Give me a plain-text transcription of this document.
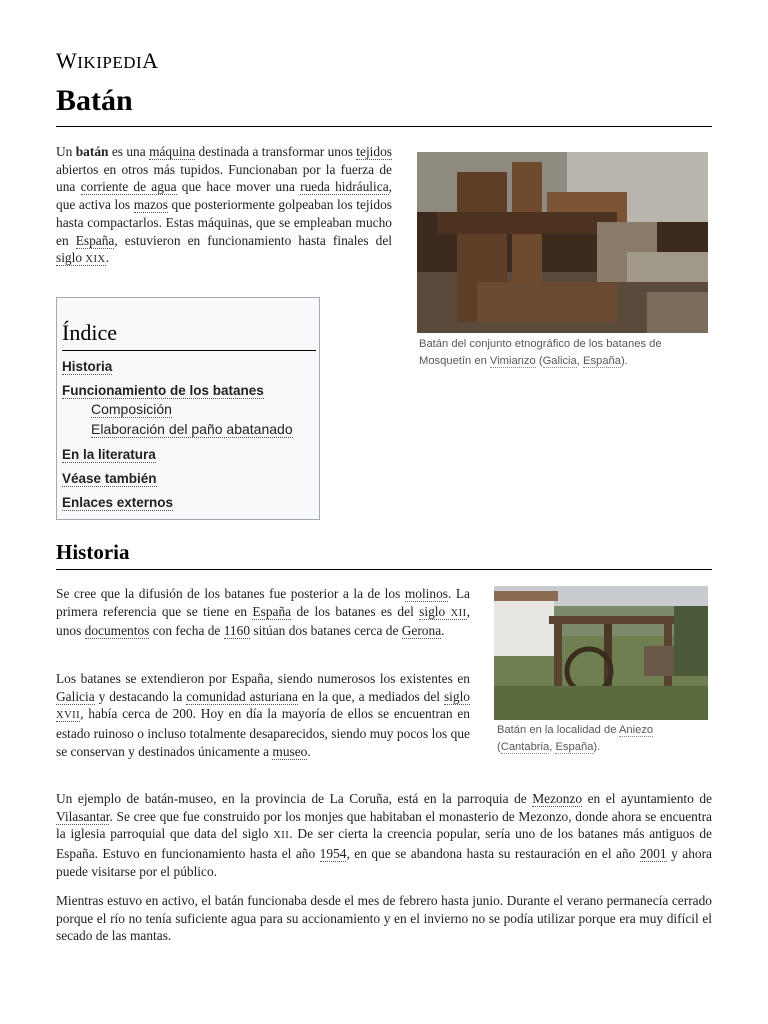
WIKIPEDIA
Batán

Un batán es una máquina destinada a transformar unos tejidos abiertos en otros más tupidos. Funcionaban por la fuerza de una corriente de agua que hace mover una rueda hidráulica, que activa los mazos que posteriormente golpeaban los tejidos hasta compactarlos. Estas máquinas, que se empleaban mucho en España, estuvieron en funcionamiento hasta finales del siglo XIX.

Batán del conjunto etnográfico de los batanes de Mosquetín en Vimianzo (Galicia, España).
Índice
Historia
Funcionamiento de los batanes
Composición
Elaboración del paño abatanado
En la literatura
Véase también
Enlaces externos
Historia
Batán en la localidad de Aniezo
(Cantabria, España).

Se cree que la difusión de los batanes fue posterior a la de los molinos. La primera referencia que se tiene en España de los batanes es del siglo XII, unos documentos con fecha de 1160 sitúan dos batanes cerca de Gerona.

Los batanes se extendieron por España, siendo numerosos los existentes en Galicia y destacando la comunidad asturiana en la que, a mediados del siglo XVII, había cerca de 200. Hoy en día la mayoría de ellos se encuentran en estado ruinoso o incluso totalmente desaparecidos, siendo muy pocos los que se conservan y destinados únicamente a museo.

Un ejemplo de batán-museo, en la provincia de La Coruña, está en la parroquia de Mezonzo en el ayuntamiento de Vilasantar. Se cree que fue construido por los monjes que habitaban el monasterio de Mezonzo, donde ahora se encuentra la iglesia parroquial que data del siglo XII. De ser cierta la creencia popular, sería uno de los batanes más antiguos de España. Estuvo en funcionamiento hasta el año 1954, en que se abandona hasta su restauración en el año 2001 y ahora puede visitarse por el público.

Mientras estuvo en activo, el batán funcionaba desde el mes de febrero hasta junio. Durante el verano permanecía cerrado porque el río no tenía suficiente agua para su accionamiento y en el invierno no se podía utilizar porque era muy difícil el secado de las mantas.
